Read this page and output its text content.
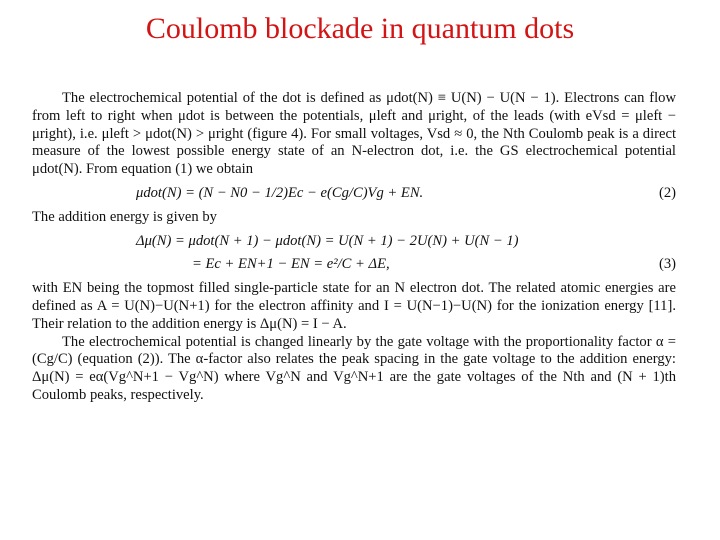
Coulomb blockade in quantum dots

The electrochemical potential of the dot is defined as μdot(N) ≡ U(N) − U(N − 1). Electrons can flow from left to right when μdot is between the potentials, μleft and μright, of the leads (with eVsd = μleft − μright), i.e. μleft > μdot(N) > μright (figure 4). For small voltages, Vsd ≈ 0, the Nth Coulomb peak is a direct measure of the lowest possible energy state of an N-electron dot, i.e. the GS electrochemical potential μdot(N). From equation (1) we obtain

μdot(N) = (N − N0 − 1/2)Ec − e(Cg/C)Vg + EN.	(2)

The addition energy is given by

Δμ(N) = μdot(N + 1) − μdot(N) = U(N + 1) − 2U(N) + U(N − 1)
= Ec + EN+1 − EN = e²/C + ΔE,	(3)

with EN being the topmost filled single-particle state for an N electron dot. The related atomic energies are defined as A = U(N)−U(N+1) for the electron affinity and I = U(N−1)−U(N) for the ionization energy [11]. Their relation to the addition energy is Δμ(N) = I − A.

The electrochemical potential is changed linearly by the gate voltage with the proportionality factor α = (Cg/C) (equation (2)). The α-factor also relates the peak spacing in the gate voltage to the addition energy: Δμ(N) = eα(Vg^N+1 − Vg^N) where Vg^N and Vg^N+1 are the gate voltages of the Nth and (N + 1)th Coulomb peaks, respectively.
